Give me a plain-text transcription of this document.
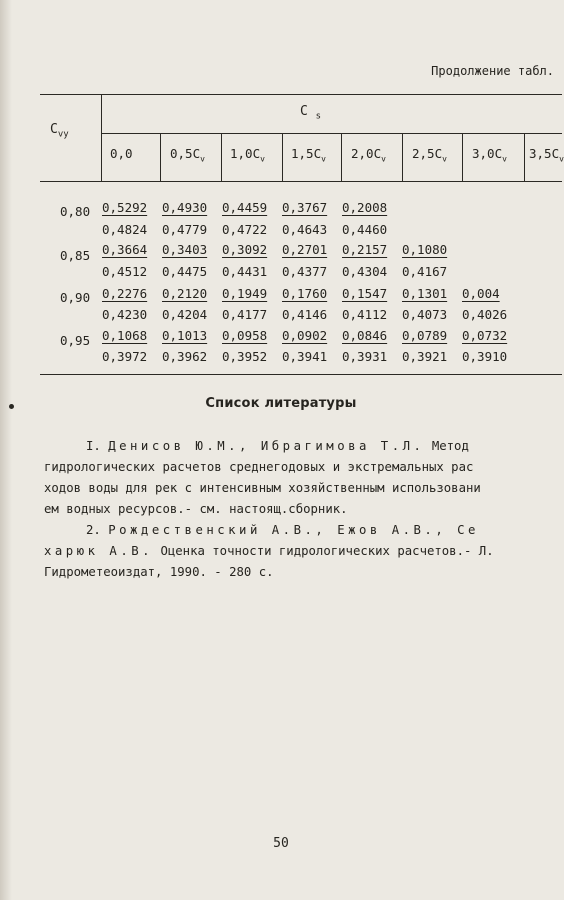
Продолжение табл.
$C_{vy}$
C $_s$
0,0	$0,5C_v$ $1,0C_v$ $1,5C_v$ $2,0C_v$ $2,5C_v$ $3,0C_v$ $3,5C_v$
0,80 0,5292 0,4930 0,4459 0,3767 0,2008
0,4824 0,4779 0,4722 0,4643 0,4460
0,85 0,3664 0,3403 0,3092 0,2701 0,2157 0,1080
0,4512 0,4475 0,4431 0,4377 0,4304 0,4167
0,90 0,2276 0,2120 0,1949 0,1760 0,1547 0,1301 0,004
0,4230 0,4204 0,4177 0,4146 0,4112 0,4073 0,4026
0,95 0,1068 0,1013 0,0958 0,0902 0,0846 0,0789 0,0732
0,3972 0,3962 0,3952 0,3941 0,3931 0,3921 0,3910
Список литературы
I. Денисов Ю.М., Ибрагимова Т.Л. Метод
гидрологических расчетов среднегодовых и экстремальных рас
ходов воды для рек с интенсивным хозяйственным использовани
ем водных ресурсов.- см. настоящ.сборник.
2. Рождественский А.В., Ежов А.В., Се
харюк А.В. Оценка точности гидрологических расчетов.- Л.
Гидрометеоиздат, 1990. - 280 с.
50
